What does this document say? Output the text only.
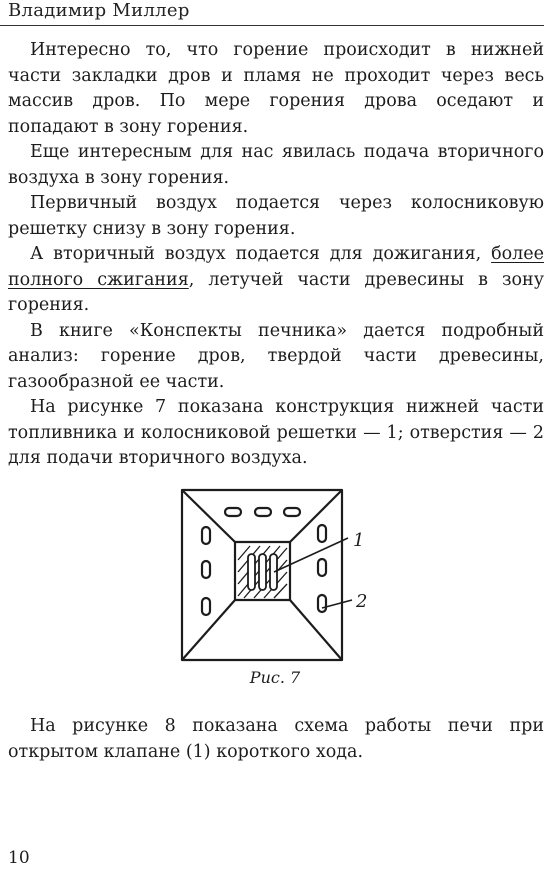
Владимир Миллер

Интересно то, что горение происходит в нижней части закладки дров и пламя не проходит через весь массив дров. По мере горения дрова оседают и попадают в зону горения.

Еще интересным для нас явилась подача вторичного воздуха в зону горения.

Первичный воздух подается через колосниковую решетку снизу в зону горения.

А вторичный воздух подается для дожигания, более полного сжигания, летучей части древесины в зону горения.

В книге «Конспекты печника» дается подробный анализ: горение дров, твердой части древесины, газообразной ее части.

На рисунке 7 показана конструкция нижней части топливника и колосниковой решетки — 1; отверстия — 2 для подачи вторичного воздуха.

1
2
Рис. 7

На рисунке 8 показана схема работы печи при открытом клапане (1) короткого хода.

10
